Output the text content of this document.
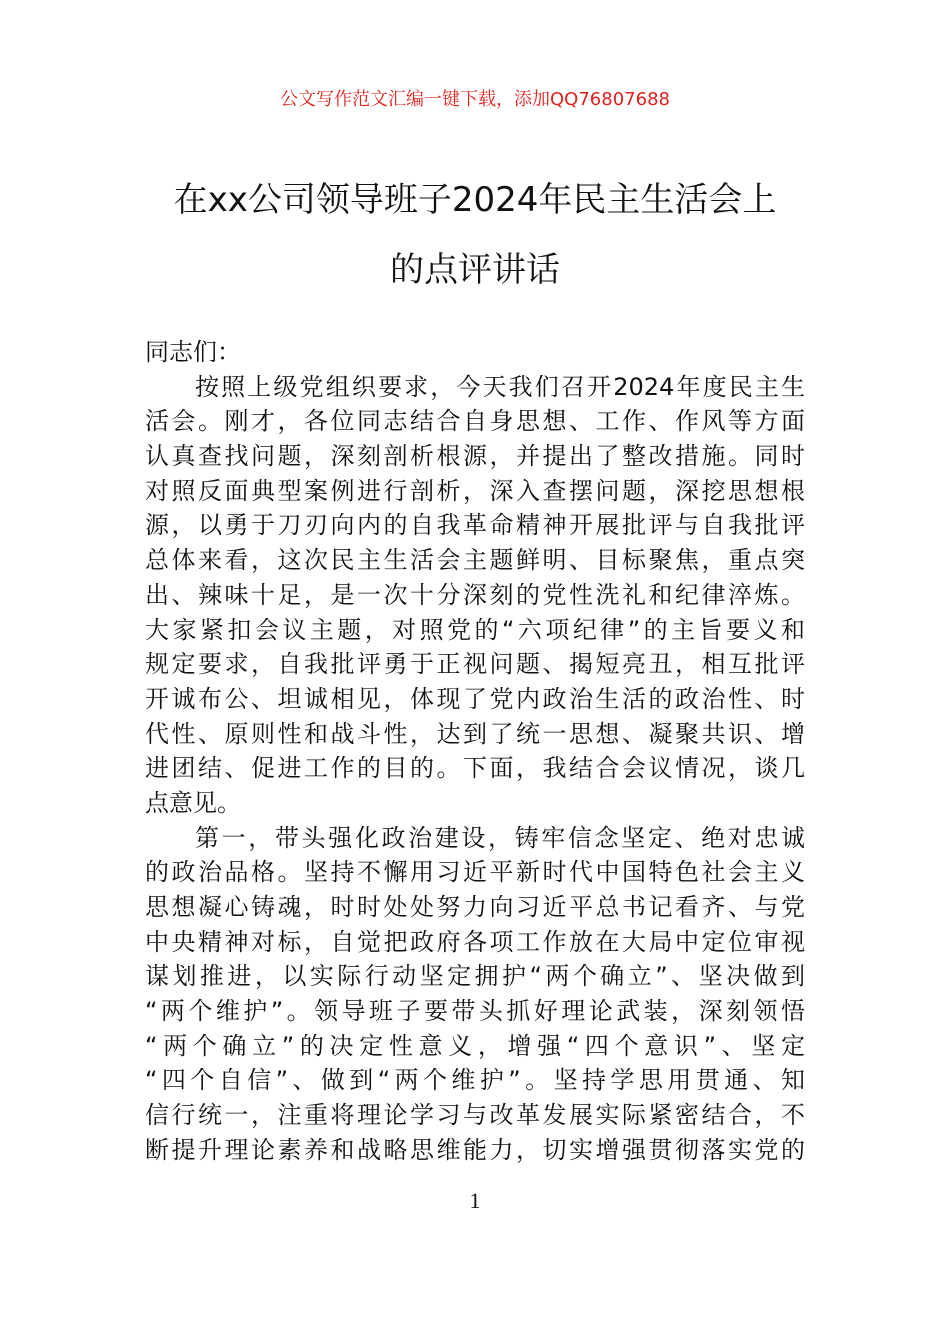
公文写作范文汇编一键下载，添加QQ76807688
在xx公司领导班子2024年民主生活会上
的点评讲话
同志们：
按照上级党组织要求，今天我们召开2024年度民主生
活会。刚才，各位同志结合自身思想、工作、作风等方面
认真查找问题，深刻剖析根源，并提出了整改措施。同时
对照反面典型案例进行剖析，深入查摆问题，深挖思想根
源，以勇于刀刃向内的自我革命精神开展批评与自我批评
总体来看，这次民主生活会主题鲜明、目标聚焦，重点突
出、辣味十足，是一次十分深刻的党性洗礼和纪律淬炼。
大家紧扣会议主题，对照党的“六项纪律”的主旨要义和
规定要求，自我批评勇于正视问题、揭短亮丑，相互批评
开诚布公、坦诚相见，体现了党内政治生活的政治性、时
代性、原则性和战斗性，达到了统一思想、凝聚共识、增
进团结、促进工作的目的。下面，我结合会议情况，谈几
点意见。
第一，带头强化政治建设，铸牢信念坚定、绝对忠诚
的政治品格。坚持不懈用习近平新时代中国特色社会主义
思想凝心铸魂，时时处处努力向习近平总书记看齐、与党
中央精神对标，自觉把政府各项工作放在大局中定位审视
谋划推进，以实际行动坚定拥护“两个确立”、坚决做到
“两个维护”。领导班子要带头抓好理论武装，深刻领悟
“两个确立”的决定性意义，增强“四个意识”、坚定
“四个自信”、做到“两个维护”。坚持学思用贯通、知
信行统一，注重将理论学习与改革发展实际紧密结合，不
断提升理论素养和战略思维能力，切实增强贯彻落实党的
1
